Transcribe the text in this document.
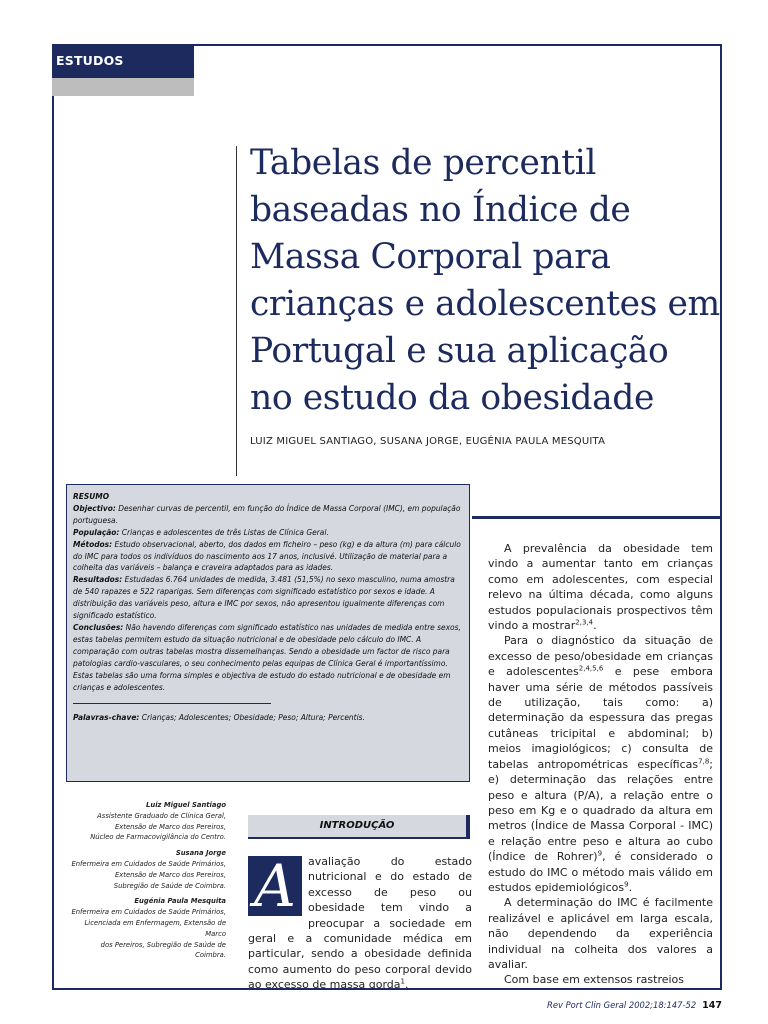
ESTUDOS
Tabelas de percentil baseadas no Índice de Massa Corporal para crianças e adolescentes em Portugal e sua aplicação no estudo da obesidade
LUIZ MIGUEL SANTIAGO, SUSANA JORGE, EUGÉNIA PAULA MESQUITA

RESUMO

Objectivo: Desenhar curvas de percentil, em função do Índice de Massa Corporal (IMC), em população portuguesa.

População: Crianças e adolescentes de três Listas de Clínica Geral.

Métodos: Estudo observacional, aberto, dos dados em ficheiro – peso (kg) e da altura (m) para cálculo do IMC para todos os indivíduos do nascimento aos 17 anos, inclusivé. Utilização de material para a colheita das variáveis – balança e craveira adaptados para as idades.

Resultados: Estudadas 6.764 unidades de medida, 3.481 (51,5%) no sexo masculino, numa amostra de 540 rapazes e 522 raparigas. Sem diferenças com significado estatístico por sexos e idade. A distribuição das variáveis peso, altura e IMC por sexos, não apresentou igualmente diferenças com significado estatístico.

Conclusões: Não havendo diferenças com significado estatístico nas unidades de medida entre sexos, estas tabelas permitem estudo da situação nutricional e de obesidade pelo cálculo do IMC. A comparação com outras tabelas mostra dissemelhanças. Sendo a obesidade um factor de risco para patologias cardio-vasculares, o seu conhecimento pelas equipas de Clínica Geral é importantíssimo. Estas tabelas são uma forma simples e objectiva de estudo do estado nutricional e de obesidade em crianças e adolescentes.

Palavras-chave: Crianças; Adolescentes; Obesidade; Peso; Altura; Percentis.

Luiz Miguel Santiago
Assistente Graduado de Clínica Geral,
Extensão de Marco dos Pereiros,
Núcleo de Farmacovigilância do Centro.
Susana Jorge
Enfermeira em Cuidados de Saúde Primários,
Extensão de Marco dos Pereiros,
Subregião de Saúde de Coimbra.
Eugénia Paula Mesquita
Enfermeira em Cuidados de Saúde Primários,
Licenciada em Enfermagem, Extensão de Marco
dos Pereiros, Subregião de Saúde de Coimbra.
INTRODUÇÃO

A	avaliação do estado nutricional e do estado de excesso de peso ou obesidade tem vindo a preocupar a sociedade em geral e a comunidade médica em particular, sendo a obesidade definida como aumento do peso corporal devido ao excesso de massa gorda$^1$.

A prevalência da obesidade tem vindo a aumentar tanto em crianças como em adolescentes, com especial relevo na última década, como alguns estudos populacionais prospectivos têm vindo a mostrar$^{2,3,4}$.

Para o diagnóstico da situação de excesso de peso/obesidade em crianças e adolescentes$^{2,4,5,6}$ e pese embora haver uma série de métodos passíveis de utilização, tais como: a) determinação da espessura das pregas cutâneas tricipital e abdominal; b) meios imagiológicos; c) consulta de tabelas antropométricas específicas$^{7,8}$; e) determinação das relações entre peso e altura (P/A), a relação entre o peso em Kg e o quadrado da altura em metros (Índice de Massa Corporal - IMC) e relação entre peso e altura ao cubo (Índice de Rohrer)$^9$, é considerado o estudo do IMC o método mais válido em estudos epidemiológicos$^9$.

A determinação do IMC é facilmente realizável e aplicável em larga escala, não dependendo da experiência individual na colheita dos valores a avaliar.

Com base em extensos rastreios

Rev Port Clin Geral 2002;18:147-52 147
